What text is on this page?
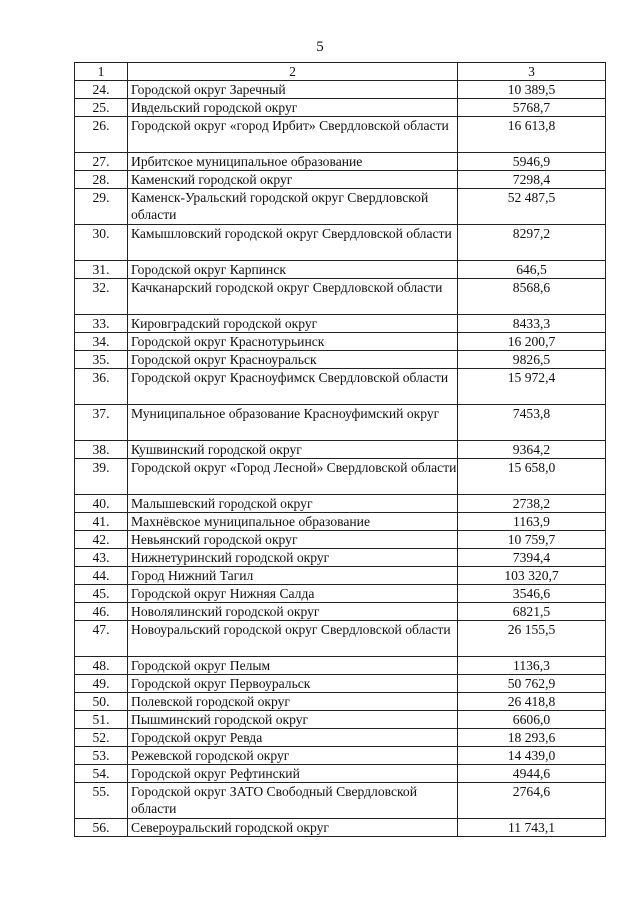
5
1	2	3
24.	Городской округ Заречный	10 389,5
25.	Ивдельский городской округ	5768,7
26.	Городской округ «город Ирбит» Свердловской области	16 613,8
27.	Ирбитское муниципальное образование	5946,9
28.	Каменский городской округ	7298,4
29.	Каменск-Уральский городской округ Свердловской области	52 487,5
30.	Камышловский городской округ Свердловской области	8297,2
31.	Городской округ Карпинск	646,5
32.	Качканарский городской округ Свердловской области	8568,6
33.	Кировградский городской округ	8433,3
34.	Городской округ Краснотурьинск	16 200,7
35.	Городской округ Красноуральск	9826,5
36.	Городской округ Красноуфимск Свердловской области	15 972,4
37.	Муниципальное образование Красноуфимский округ	7453,8
38.	Кушвинский городской округ	9364,2
39.	Городской округ «Город Лесной» Свердловской области	15 658,0
40.	Малышевский городской округ	2738,2
41.	Махнёвское муниципальное образование	1163,9
42.	Невьянский городской округ	10 759,7
43.	Нижнетуринский городской округ	7394,4
44.	Город Нижний Тагил	103 320,7
45.	Городской округ Нижняя Салда	3546,6
46.	Новолялинский городской округ	6821,5
47.	Новоуральский городской округ Свердловской области	26 155,5
48.	Городской округ Пелым	1136,3
49.	Городской округ Первоуральск	50 762,9
50.	Полевской городской округ	26 418,8
51.	Пышминский городской округ	6606,0
52.	Городской округ Ревда	18 293,6
53.	Режевской городской округ	14 439,0
54.	Городской округ Рефтинский	4944,6
55.	Городской округ ЗАТО Свободный Свердловской области	2764,6
56.	Североуральский городской округ	11 743,1
